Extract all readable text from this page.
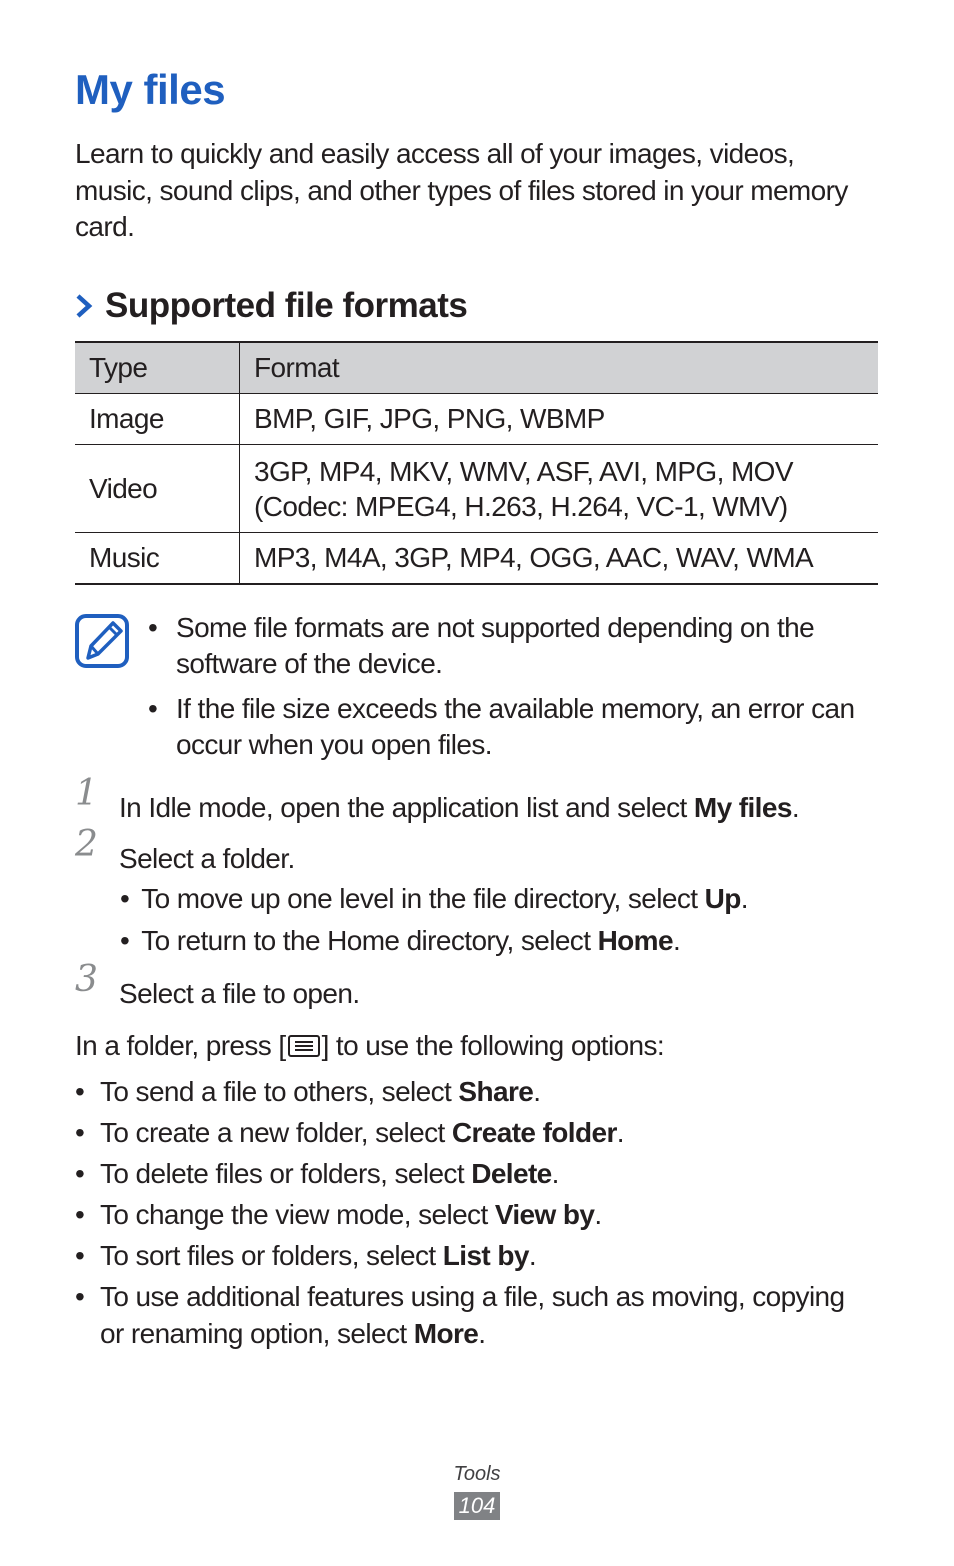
My files

Learn to quickly and easily access all of your images, videos, music, sound clips, and other types of files stored in your memory card.

Supported file formats
Type	Format
Image	BMP, GIF, JPG, PNG, WBMP
Video	3GP, MP4, MKV, WMV, ASF, AVI, MPG, MOV
(Codec: MPEG4, H.263, H.264, VC-1, WMV)

Music	MP3, M4A, 3GP, MP4, OGG, AAC, WAV, WMA
• Some file formats are not supported depending on the software of the device.
• If the file size exceeds the available memory, an error can occur when you open files.
1 In Idle mode, open the application list and select My files.
2 Select a folder.
• To move up one level in the file directory, select Up.
• To return to the Home directory, select Home.
3 Select a file to open.
In a folder, press [ ] to use the following options:
• To send a file to others, select Share.
• To create a new folder, select Create folder.
• To delete files or folders, select Delete.
• To change the view mode, select View by.
• To sort files or folders, select List by.
• To use additional features using a file, such as moving, copying or renaming option, select More.
Tools
104
